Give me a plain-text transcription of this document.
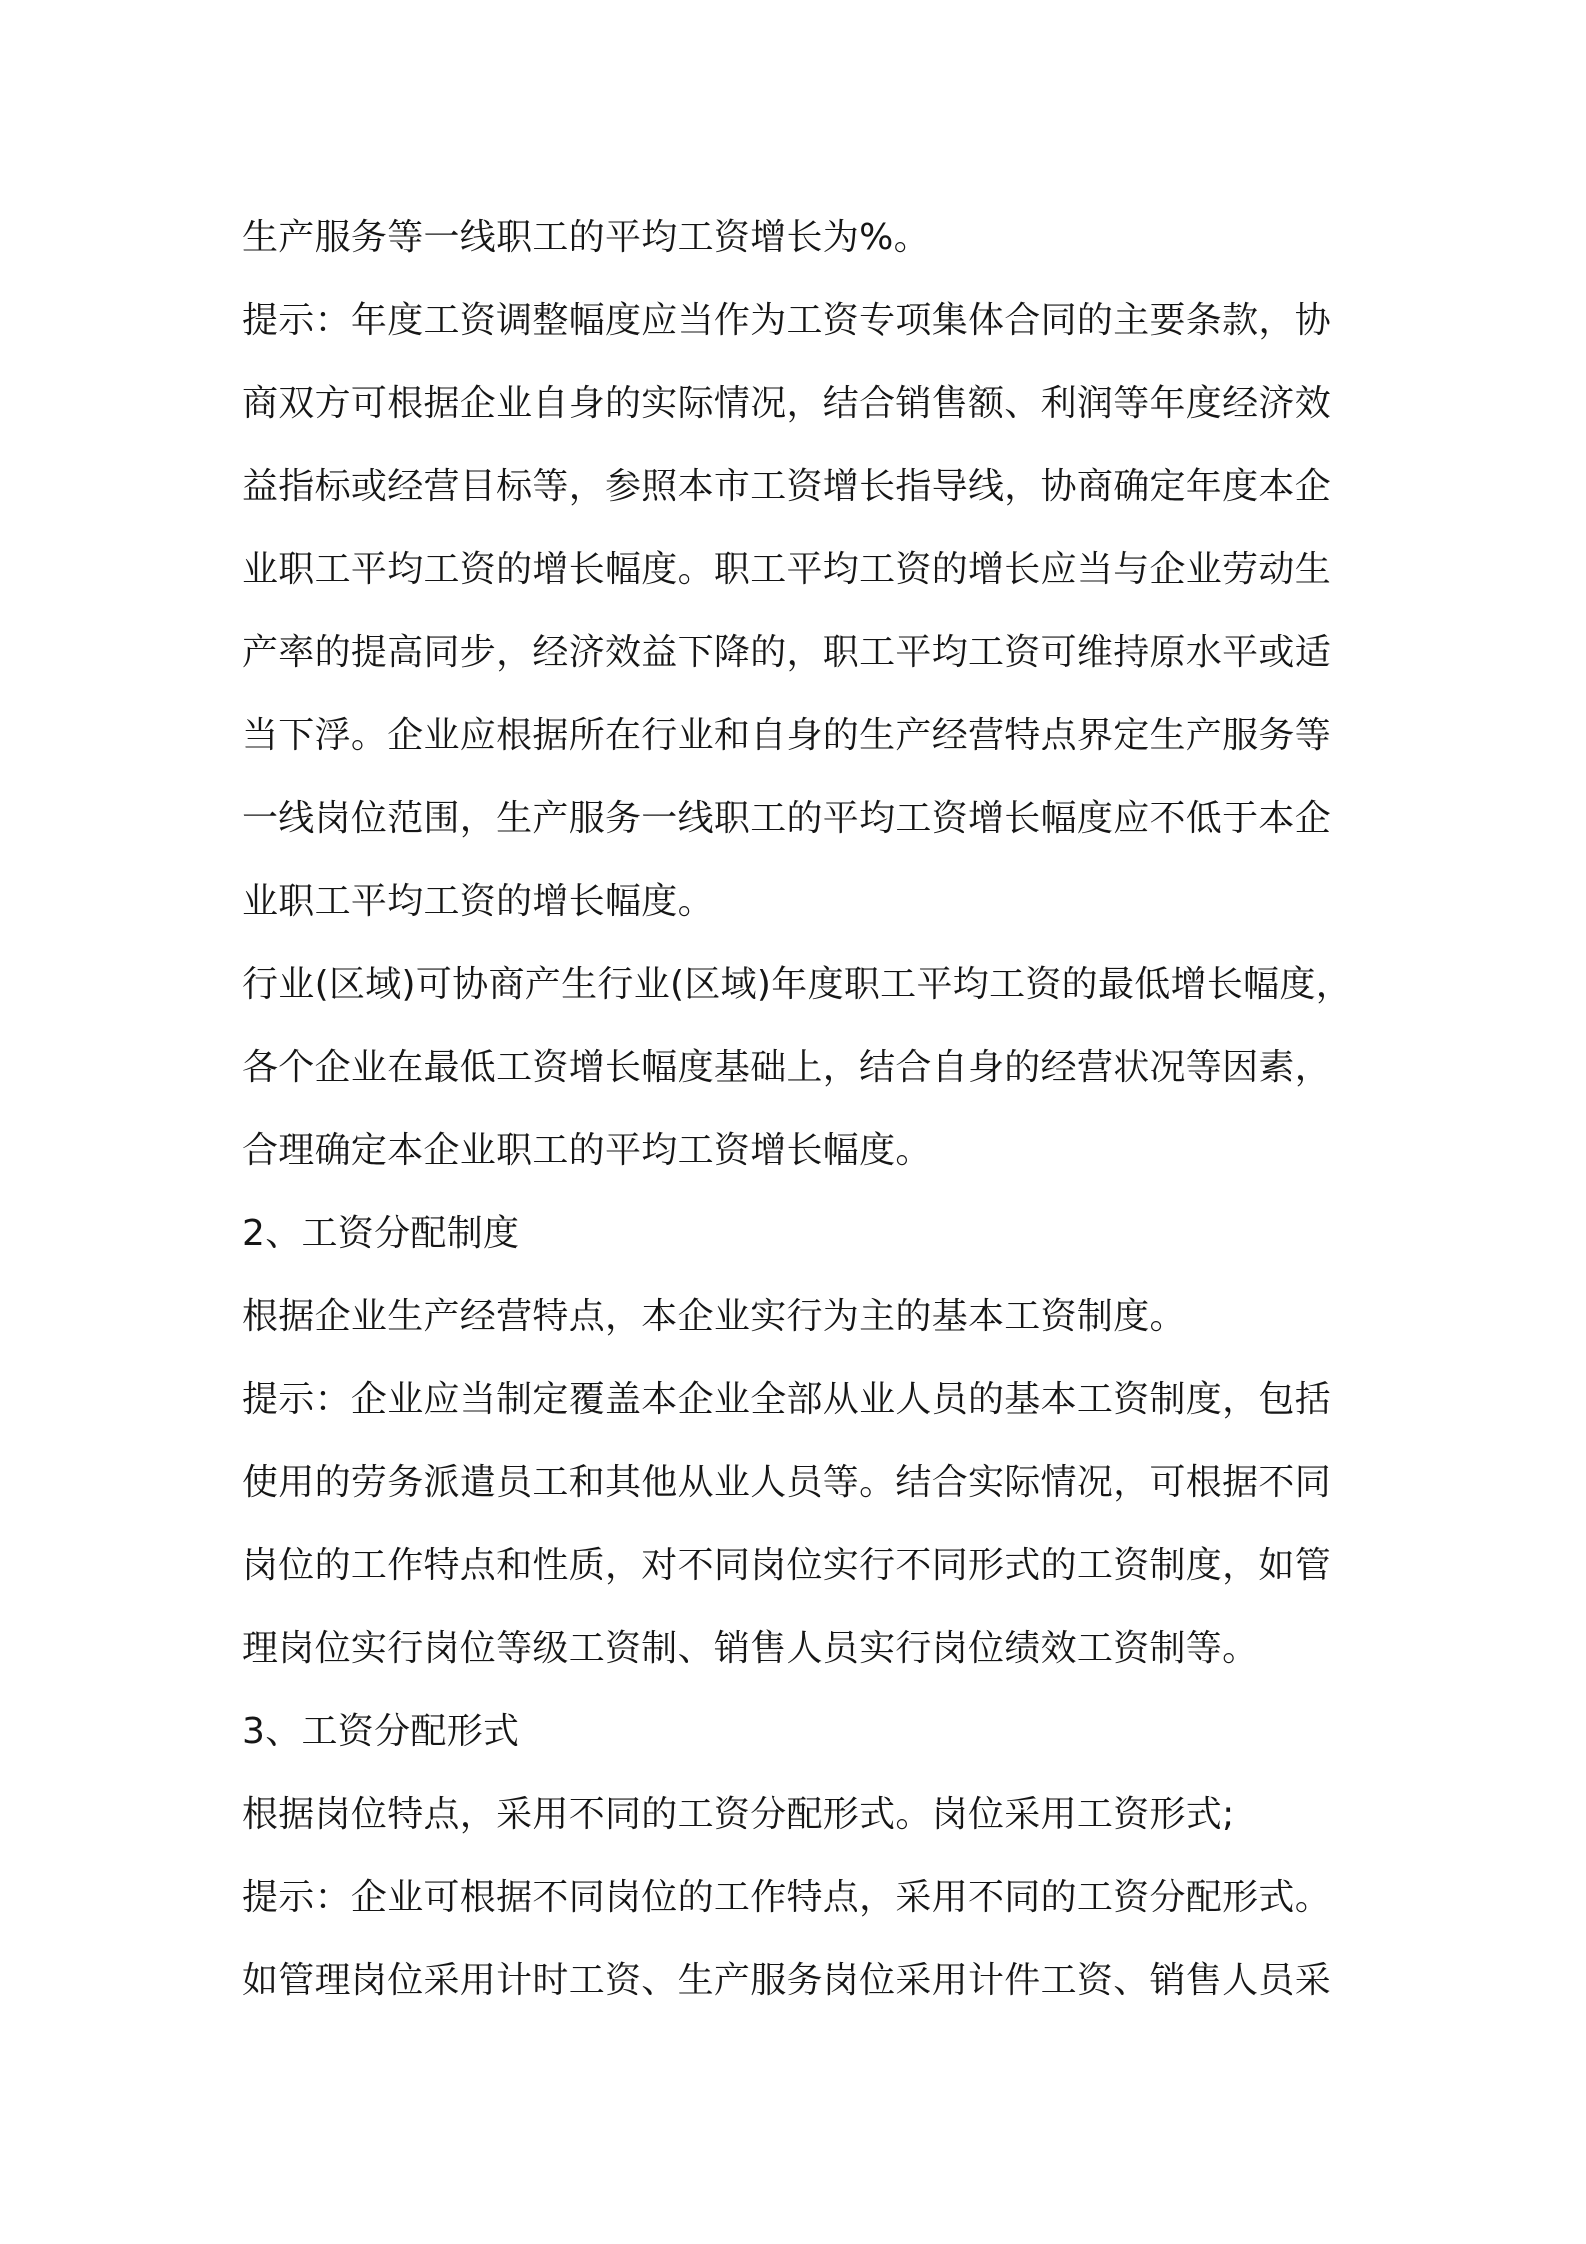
生产服务等一线职工的平均工资增长为%。
提示：年度工资调整幅度应当作为工资专项集体合同的主要条款，协
商双方可根据企业自身的实际情况，结合销售额、利润等年度经济效
益指标或经营目标等，参照本市工资增长指导线，协商确定年度本企
业职工平均工资的增长幅度。职工平均工资的增长应当与企业劳动生
产率的提高同步，经济效益下降的，职工平均工资可维持原水平或适
当下浮。企业应根据所在行业和自身的生产经营特点界定生产服务等
一线岗位范围，生产服务一线职工的平均工资增长幅度应不低于本企
业职工平均工资的增长幅度。
行业(区域)可协商产生行业(区域)年度职工平均工资的最低增长幅度，
各个企业在最低工资增长幅度基础上，结合自身的经营状况等因素，
合理确定本企业职工的平均工资增长幅度。
2、工资分配制度
根据企业生产经营特点，本企业实行为主的基本工资制度。
提示：企业应当制定覆盖本企业全部从业人员的基本工资制度，包括
使用的劳务派遣员工和其他从业人员等。结合实际情况，可根据不同
岗位的工作特点和性质，对不同岗位实行不同形式的工资制度，如管
理岗位实行岗位等级工资制、销售人员实行岗位绩效工资制等。
3、工资分配形式
根据岗位特点，采用不同的工资分配形式。岗位采用工资形式;
提示：企业可根据不同岗位的工作特点，采用不同的工资分配形式。
如管理岗位采用计时工资、生产服务岗位采用计件工资、销售人员采
